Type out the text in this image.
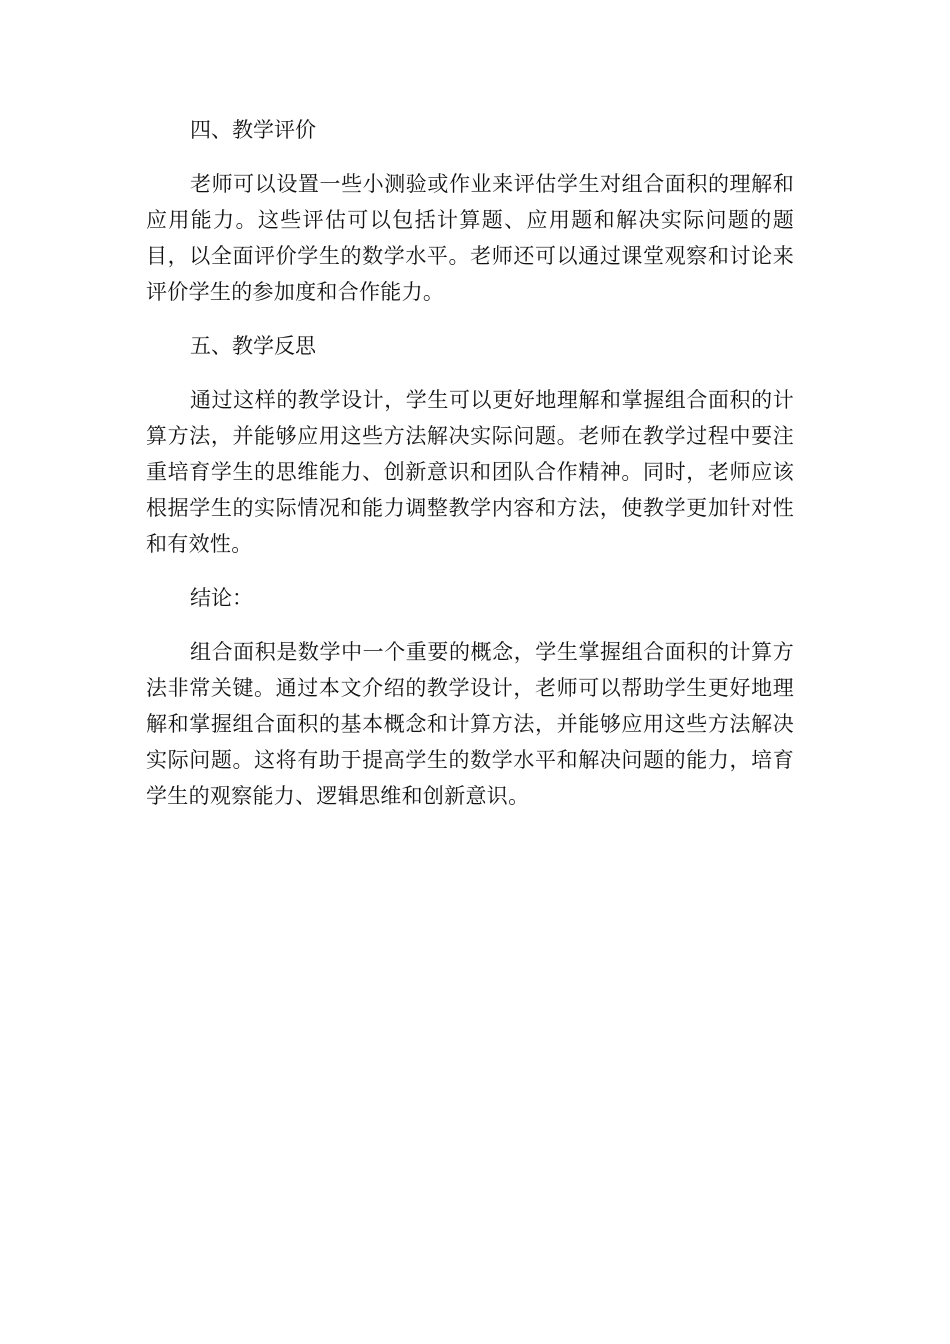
四、教学评价

老师可以设置一些小测验或作业来评估学生对组合面积的理解和应用能力。这些评估可以包括计算题、应用题和解决实际问题的题目，以全面评价学生的数学水平。老师还可以通过课堂观察和讨论来评价学生的参加度和合作能力。

五、教学反思

通过这样的教学设计，学生可以更好地理解和掌握组合面积的计算方法，并能够应用这些方法解决实际问题。老师在教学过程中要注重培育学生的思维能力、创新意识和团队合作精神。同时，老师应该根据学生的实际情况和能力调整教学内容和方法，使教学更加针对性和有效性。

结论：

组合面积是数学中一个重要的概念，学生掌握组合面积的计算方法非常关键。通过本文介绍的教学设计，老师可以帮助学生更好地理解和掌握组合面积的基本概念和计算方法，并能够应用这些方法解决实际问题。这将有助于提高学生的数学水平和解决问题的能力，培育学生的观察能力、逻辑思维和创新意识。
